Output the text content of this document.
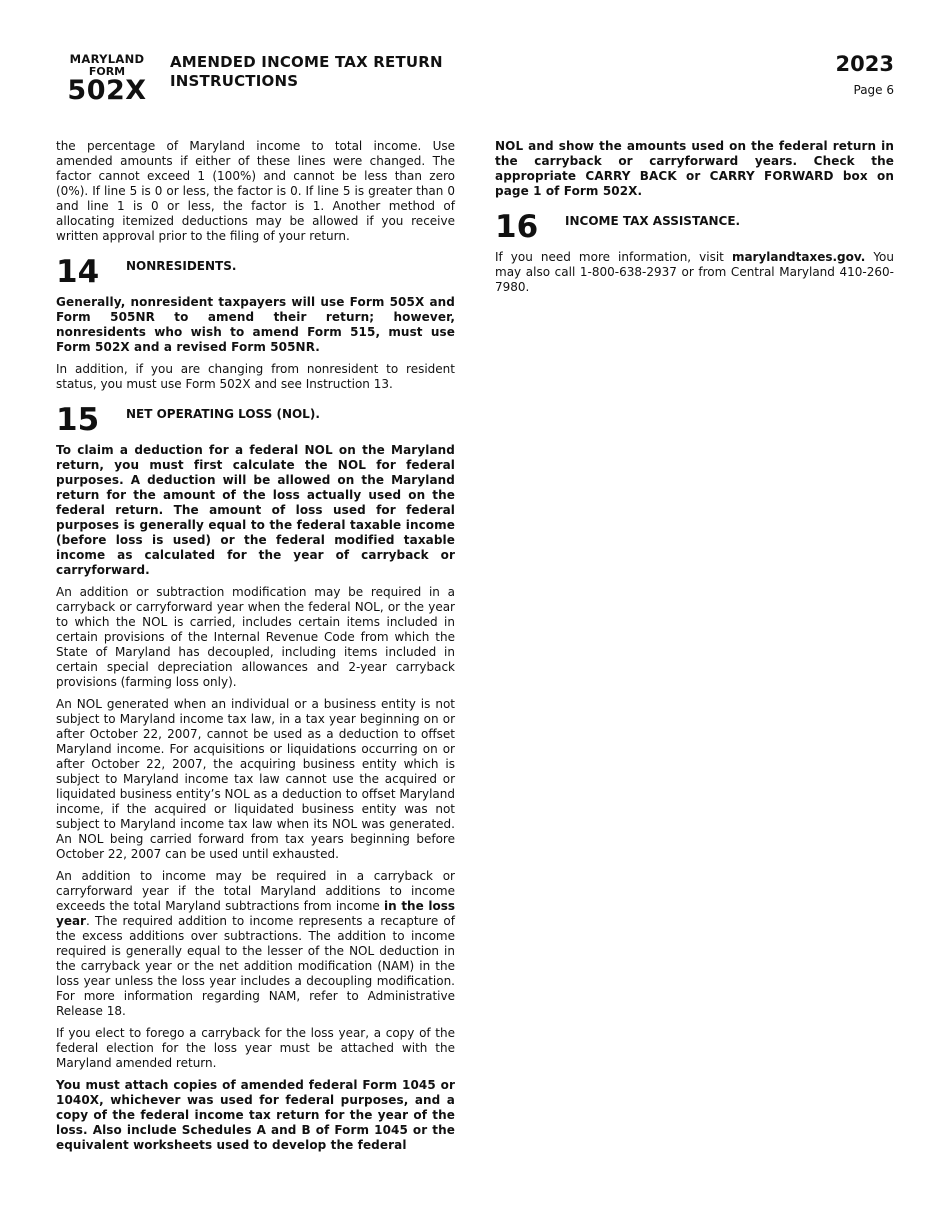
MARYLAND
FORM
502X
AMENDED INCOME TAX RETURN
INSTRUCTIONS
2023
Page 6

the percentage of Maryland income to total income. Use amended amounts if either of these lines were changed. The factor cannot exceed 1 (100%) and cannot be less than zero (0%). If line 5 is 0 or less, the factor is 0. If line 5 is greater than 0 and line 1 is 0 or less, the factor is 1. Another method of allocating itemized deductions may be allowed if you receive written approval prior to the filing of your return.

14	NONRESIDENTS.

Generally, nonresident taxpayers will use Form 505X and Form 505NR to amend their return; however, nonresidents who wish to amend Form 515, must use Form 502X and a revised Form 505NR.

In addition, if you are changing from nonresident to resident status, you must use Form 502X and see Instruction 13.

15	NET OPERATING LOSS (NOL).

To claim a deduction for a federal NOL on the Maryland return, you must first calculate the NOL for federal purposes. A deduction will be allowed on the Maryland return for the amount of the loss actually used on the federal return. The amount of loss used for federal purposes is generally equal to the federal taxable income (before loss is used) or the federal modified taxable income as calculated for the year of carryback or carryforward.

An addition or subtraction modification may be required in a carryback or carryforward year when the federal NOL, or the year to which the NOL is carried, includes certain items included in certain provisions of the Internal Revenue Code from which the State of Maryland has decoupled, including items included in certain special depreciation allowances and 2-year carryback provisions (farming loss only).

An NOL generated when an individual or a business entity is not subject to Maryland income tax law, in a tax year beginning on or after October 22, 2007, cannot be used as a deduction to offset Maryland income. For acquisitions or liquidations occurring on or after October 22, 2007, the acquiring business entity which is subject to Maryland income tax law cannot use the acquired or liquidated business entity’s NOL as a deduction to offset Maryland income, if the acquired or liquidated business entity was not subject to Maryland income tax law when its NOL was generated. An NOL being carried forward from tax years beginning before October 22, 2007 can be used until exhausted.

An addition to income may be required in a carryback or carryforward year if the total Maryland additions to income exceeds the total Maryland subtractions from income in the loss year. The required addition to income represents a recapture of the excess additions over subtractions. The addition to income required is generally equal to the lesser of the NOL deduction in the carryback year or the net addition modification (NAM) in the loss year unless the loss year includes a decoupling modification. For more information regarding NAM, refer to Administrative Release 18.

If you elect to forego a carryback for the loss year, a copy of the federal election for the loss year must be attached with the Maryland amended return.

You must attach copies of amended federal Form 1045 or 1040X, whichever was used for federal purposes, and a copy of the federal income tax return for the year of the loss. Also include Schedules A and B of Form 1045 or the equivalent worksheets used to develop the federal

NOL and show the amounts used on the federal return in the carryback or carryforward years. Check the appropriate CARRY BACK or CARRY FORWARD box on page 1 of Form 502X.

16	INCOME TAX ASSISTANCE.

If you need more information, visit marylandtaxes.gov. You may also call 1-800-638-2937 or from Central Maryland 410-260-7980.
